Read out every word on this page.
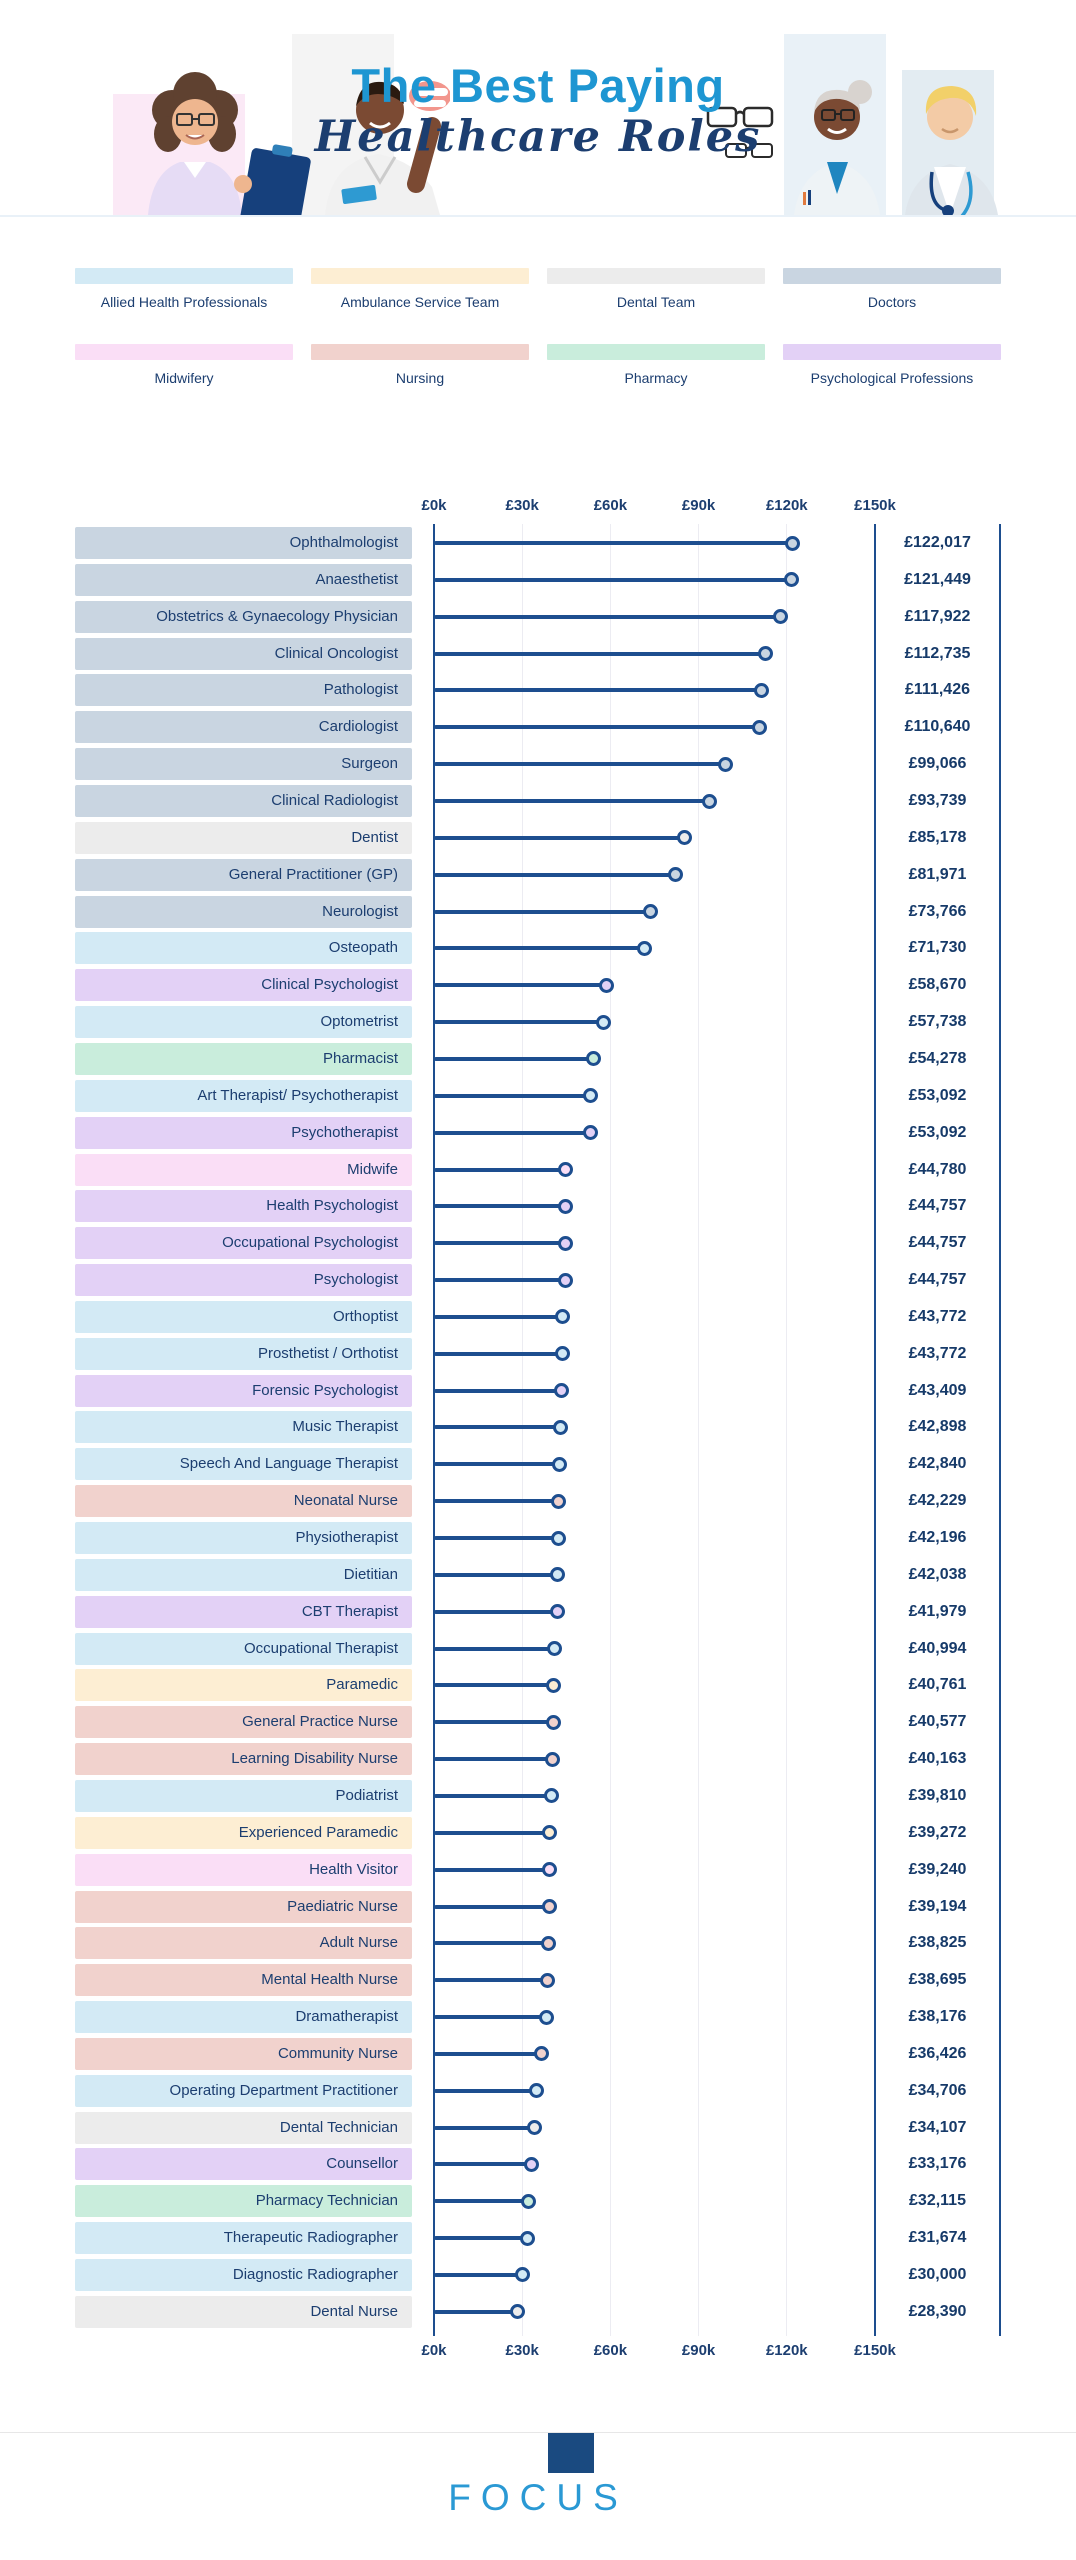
The Best Paying
Healthcare Roles
Allied Health Professionals	Ambulance Service Team	Dental Team	Doctors
Midwifery	Nursing	Pharmacy	Psychological Professions
£0k
£0k
£30k
£30k
£60k
£60k
£90k
£90k
£120k
£120k
£150k
£150k
Ophthalmologist	£122,017
Anaesthetist	£121,449
Obstetrics & Gynaecology Physician	£117,922
Clinical Oncologist	£112,735
Pathologist	£111,426
Cardiologist	£110,640
Surgeon	£99,066
Clinical Radiologist	£93,739
Dentist	£85,178
General Practitioner (GP)	£81,971
Neurologist	£73,766
Osteopath	£71,730
Clinical Psychologist	£58,670
Optometrist	£57,738
Pharmacist	£54,278
Art Therapist/ Psychotherapist	£53,092
Psychotherapist	£53,092
Midwife	£44,780
Health Psychologist	£44,757
Occupational Psychologist	£44,757
Psychologist	£44,757
Orthoptist	£43,772
Prosthetist / Orthotist	£43,772
Forensic Psychologist	£43,409
Music Therapist	£42,898
Speech And Language Therapist	£42,840
Neonatal Nurse	£42,229
Physiotherapist	£42,196
Dietitian	£42,038
CBT Therapist	£41,979
Occupational Therapist	£40,994
Paramedic	£40,761
General Practice Nurse	£40,577
Learning Disability Nurse	£40,163
Podiatrist	£39,810
Experienced Paramedic	£39,272
Health Visitor	£39,240
Paediatric Nurse	£39,194
Adult Nurse	£38,825
Mental Health Nurse	£38,695
Dramatherapist	£38,176
Community Nurse	£36,426
Operating Department Practitioner	£34,706
Dental Technician	£34,107
Counsellor	£33,176
Pharmacy Technician	£32,115
Therapeutic Radiographer	£31,674
Diagnostic Radiographer	£30,000
Dental Nurse	£28,390
FOCUS
